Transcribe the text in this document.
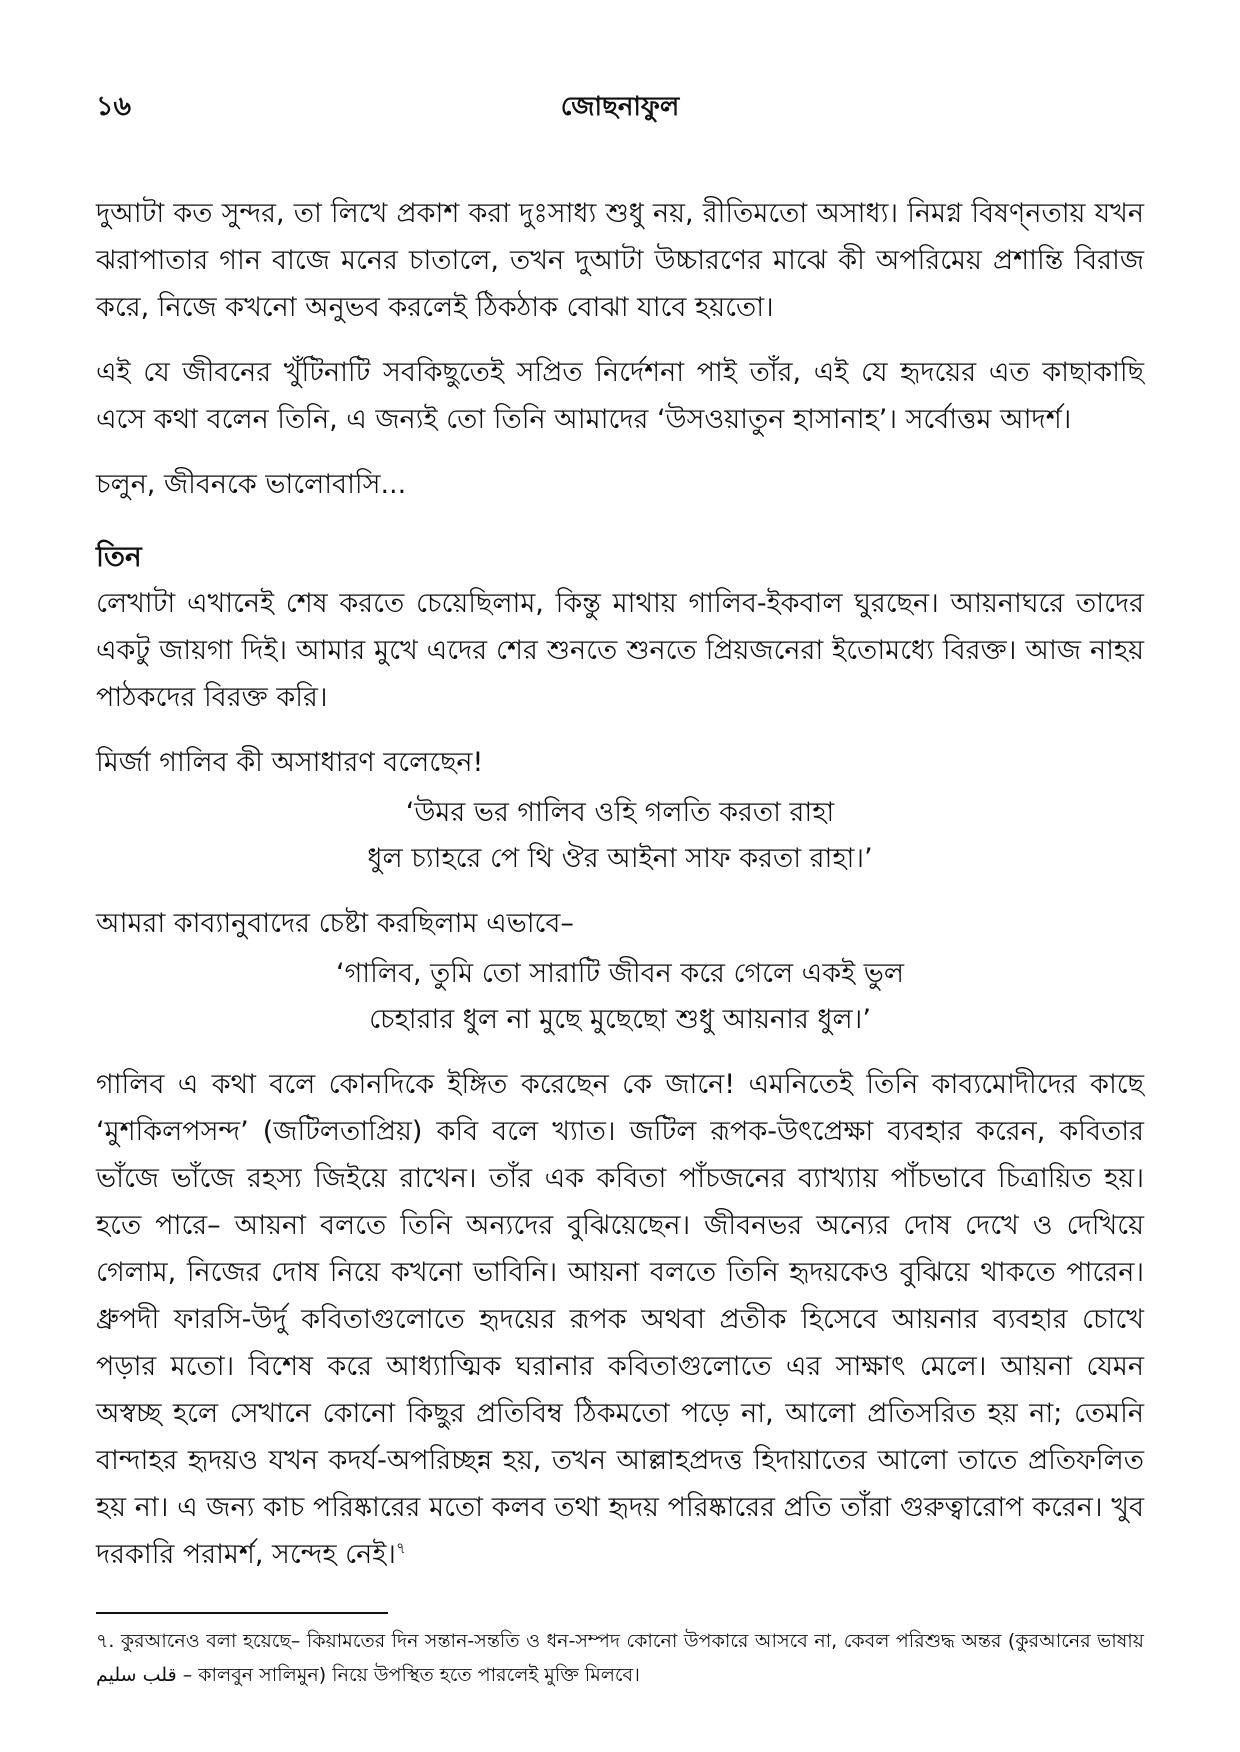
১৬	জোছনাফুল

দুআটা কত সুন্দর, তা লিখে প্রকাশ করা দুঃসাধ্য শুধু নয়, রীতিমতো অসাধ্য। নিমগ্ন বিষণ্নতায় যখন ঝরাপাতার গান বাজে মনের চাতালে, তখন দুআটা উচ্চারণের মাঝে কী অপরিমেয় প্রশান্তি বিরাজ করে, নিজে কখনো অনুভব করলেই ঠিকঠাক বোঝা যাবে হয়তো।

এই যে জীবনের খুঁটিনাটি সবকিছুতেই সপ্রিত নির্দেশনা পাই তাঁর, এই যে হৃদয়ের এত কাছাকাছি এসে কথা বলেন তিনি, এ জন্যই তো তিনি আমাদের ‘উসওয়াতুন হাসানাহ’। সর্বোত্তম আদর্শ।

চলুন, জীবনকে ভালোবাসি...

তিন

লেখাটা এখানেই শেষ করতে চেয়েছিলাম, কিন্তু মাথায় গালিব-ইকবাল ঘুরছেন। আয়নাঘরে তাদের একটু জায়গা দিই। আমার মুখে এদের শের শুনতে শুনতে প্রিয়জনেরা ইতোমধ্যে বিরক্ত। আজ নাহয় পাঠকদের বিরক্ত করি।

মির্জা গালিব কী অসাধারণ বলেছেন!

‘উমর ভর গালিব ওহি গলতি করতা রাহা
ধুল চ্যাহরে পে থি ঔর আইনা সাফ করতা রাহা।’

আমরা কাব্যানুবাদের চেষ্টা করছিলাম এভাবে–

‘গালিব, তুমি তো সারাটি জীবন করে গেলে একই ভুল
চেহারার ধুল না মুছে মুছেছো শুধু আয়নার ধুল।’

গালিব এ কথা বলে কোনদিকে ইঙ্গিত করেছেন কে জানে! এমনিতেই তিনি কাব্যমোদীদের কাছে ‘মুশকিলপসন্দ’ (জটিলতাপ্রিয়) কবি বলে খ্যাত। জটিল রূপক-উৎপ্রেক্ষা ব্যবহার করেন, কবিতার ভাঁজে ভাঁজে রহস্য জিইয়ে রাখেন। তাঁর এক কবিতা পাঁচজনের ব্যাখ্যায় পাঁচভাবে চিত্রায়িত হয়। হতে পারে– আয়না বলতে তিনি অন্যদের বুঝিয়েছেন। জীবনভর অন্যের দোষ দেখে ও দেখিয়ে গেলাম, নিজের দোষ নিয়ে কখনো ভাবিনি। আয়না বলতে তিনি হৃদয়কেও বুঝিয়ে থাকতে পারেন। ধ্রুপদী ফারসি-উর্দু কবিতাগুলোতে হৃদয়ের রূপক অথবা প্রতীক হিসেবে আয়নার ব্যবহার চোখে পড়ার মতো। বিশেষ করে আধ্যাত্মিক ঘরানার কবিতাগুলোতে এর সাক্ষাৎ মেলে। আয়না যেমন অস্বচ্ছ হলে সেখানে কোনো কিছুর প্রতিবিম্ব ঠিকমতো পড়ে না, আলো প্রতিসরিত হয় না; তেমনি বান্দাহর হৃদয়ও যখন কদর্য-অপরিচ্ছন্ন হয়, তখন আল্লাহপ্রদত্ত হিদায়াতের আলো তাতে প্রতিফলিত হয় না। এ জন্য কাচ পরিষ্কারের মতো কলব তথা হৃদয় পরিষ্কারের প্রতি তাঁরা গুরুত্বারোপ করেন। খুব দরকারি পরামর্শ, সন্দেহ নেই।$^৭$

৭. কুরআনেও বলা হয়েছে– কিয়ামতের দিন সন্তান-সন্ততি ও ধন-সম্পদ কোনো উপকারে আসবে না, কেবল পরিশুদ্ধ অন্তর (কুরআনের ভাষায় قلب سليم – কালবুন সালিমুন) নিয়ে উপস্থিত হতে পারলেই মুক্তি মিলবে।
